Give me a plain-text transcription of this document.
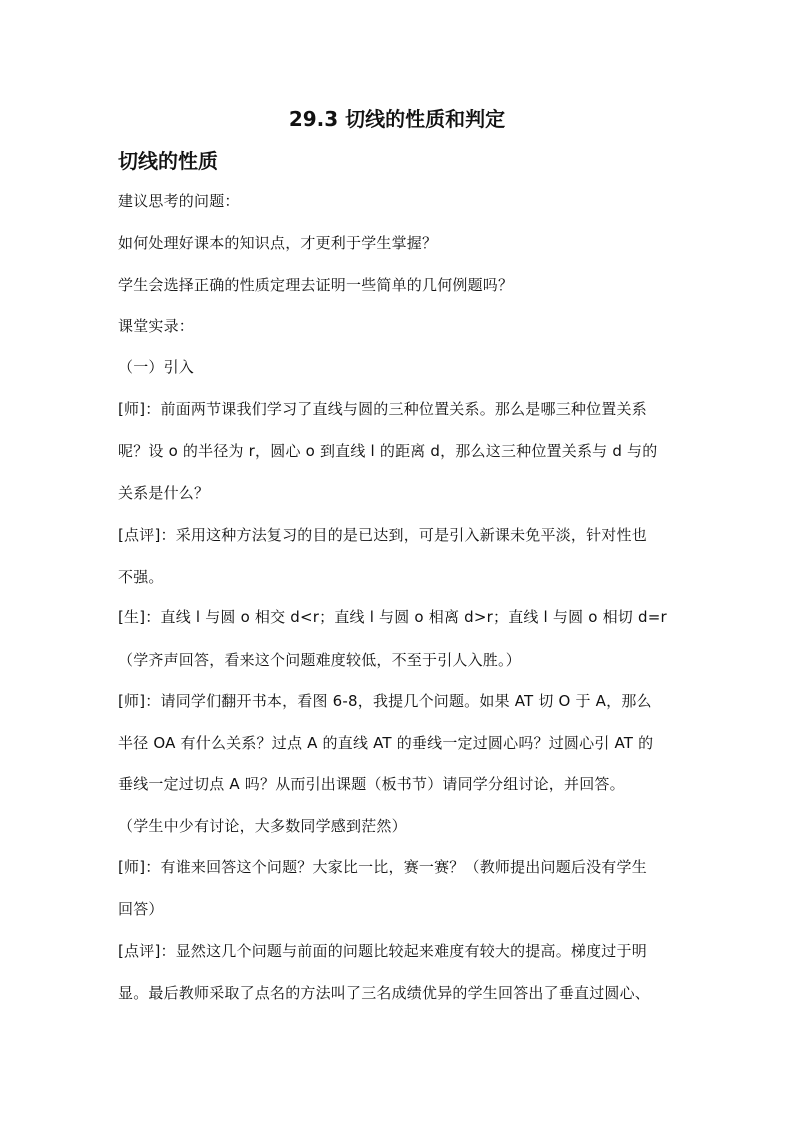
29.3 切线的性质和判定
切线的性质
建议思考的问题：
如何处理好课本的知识点，才更利于学生掌握？
学生会选择正确的性质定理去证明一些简单的几何例题吗？
课堂实录：
（一）引入
[师]：前面两节课我们学习了直线与圆的三种位置关系。那么是哪三种位置关系
呢？设 o 的半径为 r，圆心 o 到直线 l 的距离 d，那么这三种位置关系与 d 与的
关系是什么？
[点评]：采用这种方法复习的目的是已达到，可是引入新课未免平淡，针对性也
不强。
[生]：直线 l 与圆 o 相交 d<r；直线 l 与圆 o 相离 d>r；直线 l 与圆 o 相切 d=r
（学齐声回答，看来这个问题难度较低，不至于引人入胜。）
[师]：请同学们翻开书本，看图 6-8，我提几个问题。如果 AT 切 O 于 A，那么
半径 OA 有什么关系？过点 A 的直线 AT 的垂线一定过圆心吗？过圆心引 AT 的
垂线一定过切点 A 吗？从而引出课题（板书节）请同学分组讨论，并回答。
（学生中少有讨论，大多数同学感到茫然）
[师]：有谁来回答这个问题？大家比一比，赛一赛？（教师提出问题后没有学生
回答）
[点评]：显然这几个问题与前面的问题比较起来难度有较大的提高。梯度过于明
显。最后教师采取了点名的方法叫了三名成绩优异的学生回答出了垂直过圆心、
